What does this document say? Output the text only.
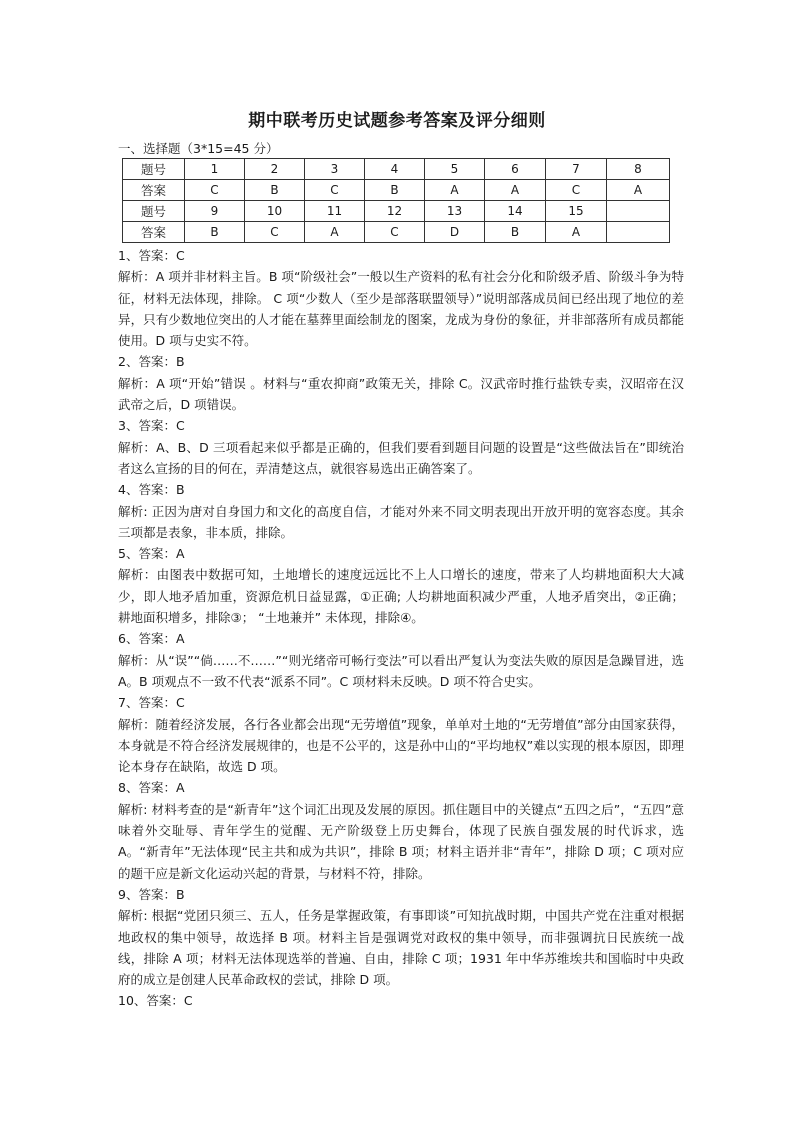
期中联考历史试题参考答案及评分细则
一、选择题（3*15=45 分）
题号	1	2	3	4	5	6	7	8
答案	C	B	C	B	A	A	C	A
题号	9	10	11	12	13	14	15	
答案	B	C	A	C	D	B	A	

1、答案：C

解析：A 项并非材料主旨。B 项“阶级社会”一般以生产资料的私有社会分化和阶级矛盾、阶级斗争为特征，材料无法体现，排除。 C 项“少数人（至少是部落联盟领导）”说明部落成员间已经出现了地位的差异，只有少数地位突出的人才能在墓葬里面绘制龙的图案，龙成为身份的象征，并非部落所有成员都能使用。D 项与史实不符。

2、答案：B

解析：A 项“开始”错误 。材料与“重农抑商”政策无关，排除 C。汉武帝时推行盐铁专卖，汉昭帝在汉武帝之后，D 项错误。

3、答案：C

解析：A、B、D 三项看起来似乎都是正确的，但我们要看到题目问题的设置是“这些做法旨在”即统治者这么宣扬的目的何在，弄清楚这点，就很容易选出正确答案了。

4、答案：B

解析: 正因为唐对自身国力和文化的高度自信，才能对外来不同文明表现出开放开明的宽容态度。其余三项都是表象，非本质，排除。

5、答案：A

解析：由图表中数据可知，土地增长的速度远远比不上人口增长的速度，带来了人均耕地面积大大减少，即人地矛盾加重，资源危机日益显露，①正确; 人均耕地面积减少严重，人地矛盾突出，②正确；耕地面积增多，排除③； “土地兼并” 未体现，排除④。

6、答案：A

解析：从“误”“倘……不……”“则光绪帝可畅行变法”可以看出严复认为变法失败的原因是急躁冒进，选 A。B 项观点不一致不代表“派系不同”。C 项材料未反映。D 项不符合史实。

7、答案：C

解析：随着经济发展，各行各业都会出现“无劳增值”现象，单单对土地的“无劳增值”部分由国家获得，本身就是不符合经济发展规律的，也是不公平的，这是孙中山的“平均地权”难以实现的根本原因，即理论本身存在缺陷，故选 D 项。

8、答案：A

解析: 材料考查的是“新青年”这个词汇出现及发展的原因。抓住题目中的关键点“五四之后”，“五四”意味着外交耻辱、青年学生的觉醒、无产阶级登上历史舞台，体现了民族自强发展的时代诉求，选 A。“新青年”无法体现“民主共和成为共识”，排除 B 项；材料主语并非“青年”，排除 D 项；C 项对应的题干应是新文化运动兴起的背景，与材料不符，排除。

9、答案：B

解析: 根据“党团只须三、五人，任务是掌握政策，有事即谈”可知抗战时期，中国共产党在注重对根据地政权的集中领导，故选择 B 项。材料主旨是强调党对政权的集中领导，而非强调抗日民族统一战线，排除 A 项；材料无法体现选举的普遍、自由，排除 C 项；1931 年中华苏维埃共和国临时中央政府的成立是创建人民革命政权的尝试，排除 D 项。

10、答案：C
